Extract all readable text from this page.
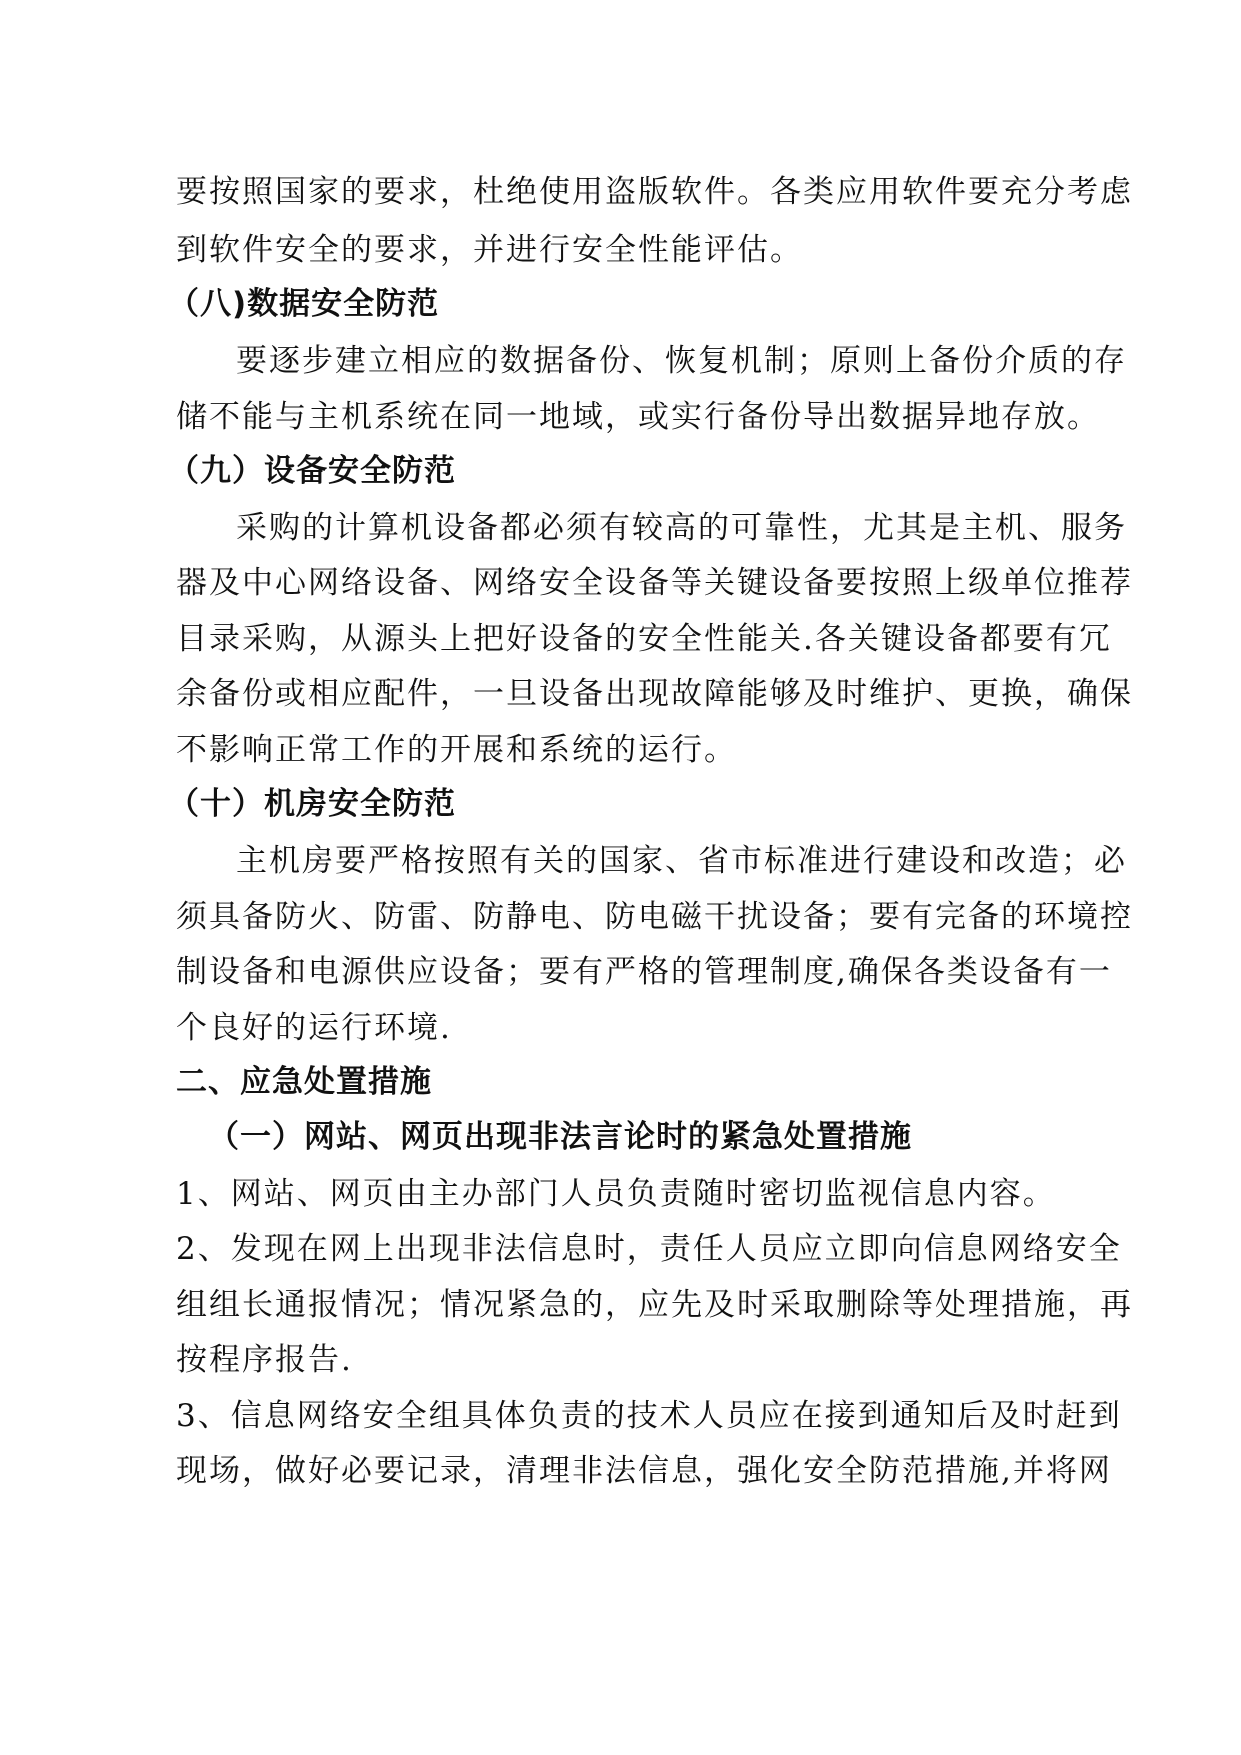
要按照国家的要求，杜绝使用盗版软件。各类应用软件要充分考虑
到软件安全的要求，并进行安全性能评估。
（八)数据安全防范
要逐步建立相应的数据备份、恢复机制；原则上备份介质的存
储不能与主机系统在同一地域，或实行备份导出数据异地存放。
（九）设备安全防范
采购的计算机设备都必须有较高的可靠性，尤其是主机、服务
器及中心网络设备、网络安全设备等关键设备要按照上级单位推荐
目录采购，从源头上把好设备的安全性能关.各关键设备都要有冗
余备份或相应配件，一旦设备出现故障能够及时维护、更换，确保
不影响正常工作的开展和系统的运行。
（十）机房安全防范
主机房要严格按照有关的国家、省市标准进行建设和改造；必
须具备防火、防雷、防静电、防电磁干扰设备；要有完备的环境控
制设备和电源供应设备；要有严格的管理制度,确保各类设备有一
个良好的运行环境.
二、应急处置措施
（一）网站、网页出现非法言论时的紧急处置措施
1、网站、网页由主办部门人员负责随时密切监视信息内容。
2、发现在网上出现非法信息时，责任人员应立即向信息网络安全
组组长通报情况；情况紧急的，应先及时采取删除等处理措施，再
按程序报告.
3、信息网络安全组具体负责的技术人员应在接到通知后及时赶到
现场，做好必要记录，清理非法信息，强化安全防范措施,并将网
